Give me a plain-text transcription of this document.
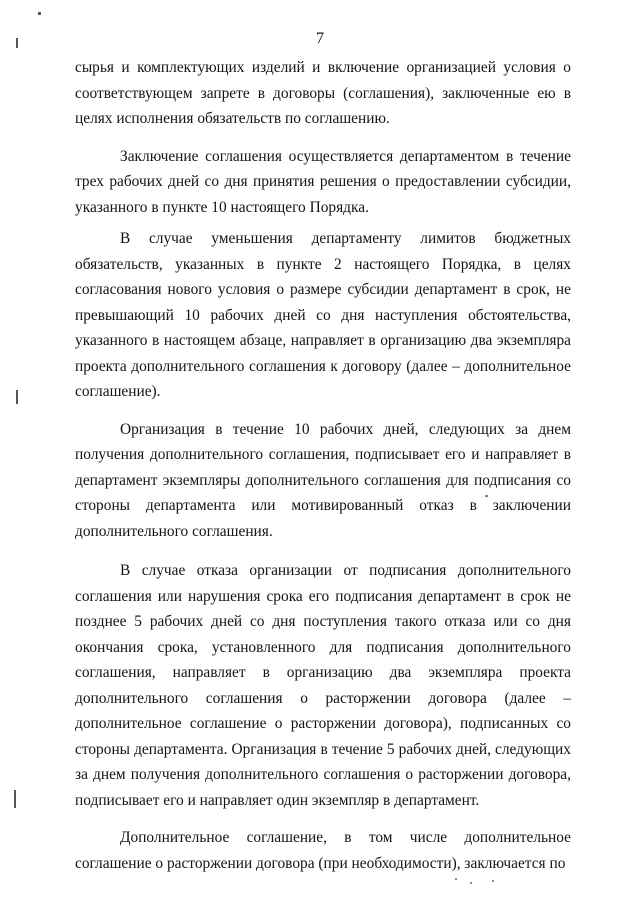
7

сырья и комплектующих изделий и включение организацией условия о соответствующем запрете в договоры (соглашения), заключенные ею в целях исполнения обязательств по соглашению.

Заключение соглашения осуществляется департаментом в течение трех рабочих дней со дня принятия решения о предоставлении субсидии, указанного в пункте 10 настоящего Порядка.

В случае уменьшения департаменту лимитов бюджетных обязательств, указанных в пункте 2 настоящего Порядка, в целях согласования нового условия о размере субсидии департамент в срок, не превышающий 10 рабочих дней со дня наступления обстоятельства, указанного в настоящем абзаце, направляет в организацию два экземпляра проекта дополнительного соглашения к договору (далее – дополнительное соглашение).

Организация в течение 10 рабочих дней, следующих за днем получения дополнительного соглашения, подписывает его и направляет в департамент экземпляры дополнительного соглашения для подписания со стороны департамента или мотивированный отказ в заключении дополнительного соглашения.

В случае отказа организации от подписания дополнительного соглашения или нарушения срока его подписания департамент в срок не позднее 5 рабочих дней со дня поступления такого отказа или со дня окончания срока, установленного для подписания дополнительного соглашения, направляет в организацию два экземпляра проекта дополнительного соглашения о расторжении договора (далее – дополнительное соглашение о расторжении договора), подписанных со стороны департамента. Организация в течение 5 рабочих дней, следующих за днем получения дополнительного соглашения о расторжении договора, подписывает его и направляет один экземпляр в департамент.

Дополнительное соглашение, в том числе дополнительное соглашение о расторжении договора (при необходимости), заключается по
